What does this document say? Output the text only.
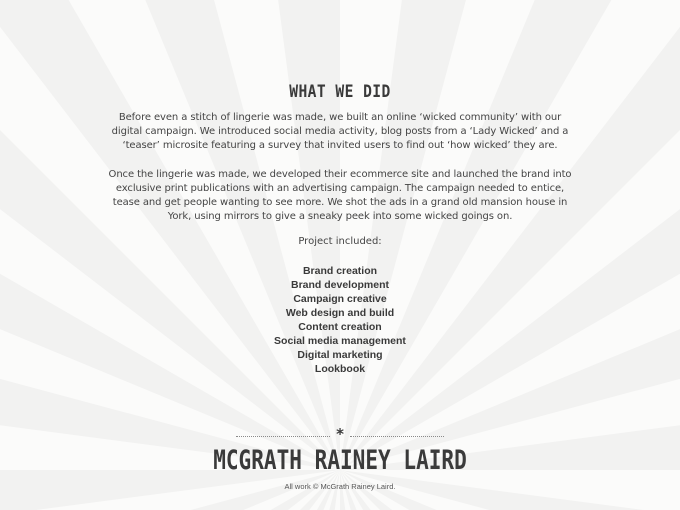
WHAT WE DID

Before even a stitch of lingerie was made, we built an online ‘wicked community’ with our digital campaign. We introduced social media activity, blog posts from a ‘Lady Wicked’ and a ‘teaser’ microsite featuring a survey that invited users to find out ‘how wicked’ they are.

Once the lingerie was made, we developed their ecommerce site and launched the brand into exclusive print publications with an advertising campaign. The campaign needed to entice, tease and get people wanting to see more. We shot the ads in a grand old mansion house in York, using mirrors to give a sneaky peek into some wicked goings on.

Project included:
Brand creation
Brand development
Campaign creative
Web design and build
Content creation
Social media management
Digital marketing
Lookbook
*
MCGRATH RAINEY LAIRD
All work © McGrath Rainey Laird.
